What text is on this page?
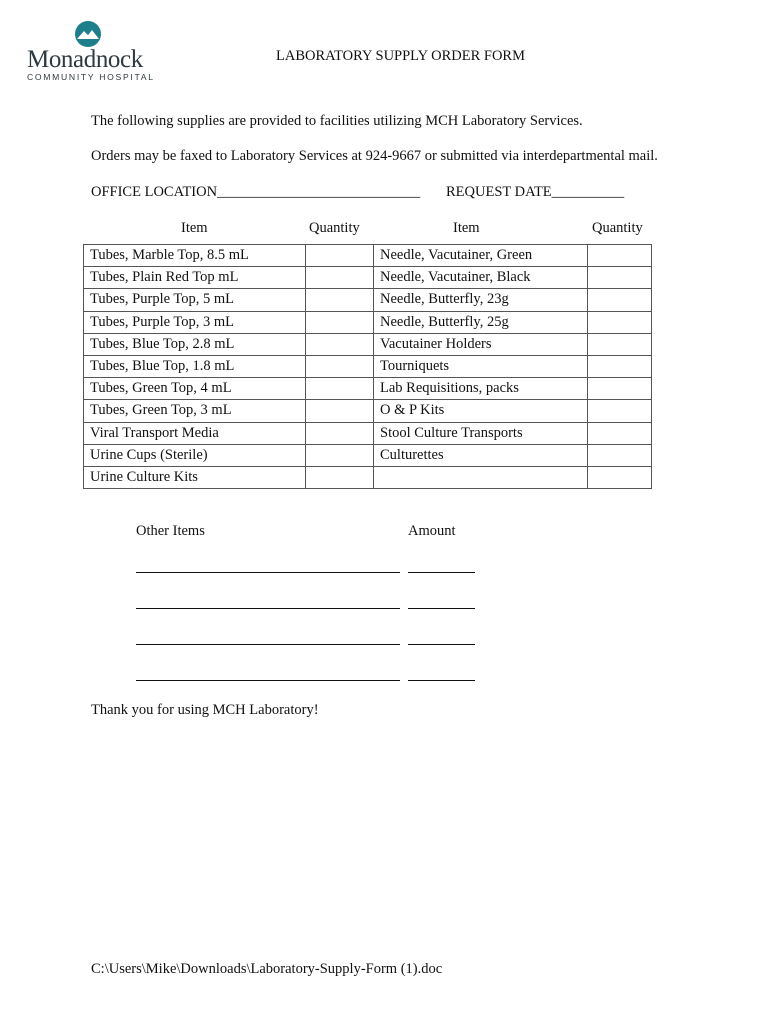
Monadnock
COMMUNITY HOSPITAL
LABORATORY SUPPLY ORDER FORM
The following supplies are provided to facilities utilizing MCH Laboratory Services.
Orders may be faxed to Laboratory Services at 924-9667 or submitted via interdepartmental mail.
OFFICE LOCATION____________________________ REQUEST DATE__________
Item	Quantity	Item	Quantity
Tubes, Marble Top, 8.5 mL		Needle, Vacutainer, Green	
Tubes, Plain Red Top mL		Needle, Vacutainer, Black	
Tubes, Purple Top, 5 mL		Needle, Butterfly, 23g	
Tubes, Purple Top, 3 mL		Needle, Butterfly, 25g	
Tubes, Blue Top, 2.8 mL		Vacutainer Holders	
Tubes, Blue Top, 1.8 mL		Tourniquets	
Tubes, Green Top, 4 mL		Lab Requisitions, packs	
Tubes, Green Top, 3 mL		O & P Kits	
Viral Transport Media		Stool Culture Transports	
Urine Cups (Sterile)		Culturettes	
Urine Culture Kits			
Other Items	Amount
Thank you for using MCH Laboratory!
C:\Users\Mike\Downloads\Laboratory-Supply-Form (1).doc
